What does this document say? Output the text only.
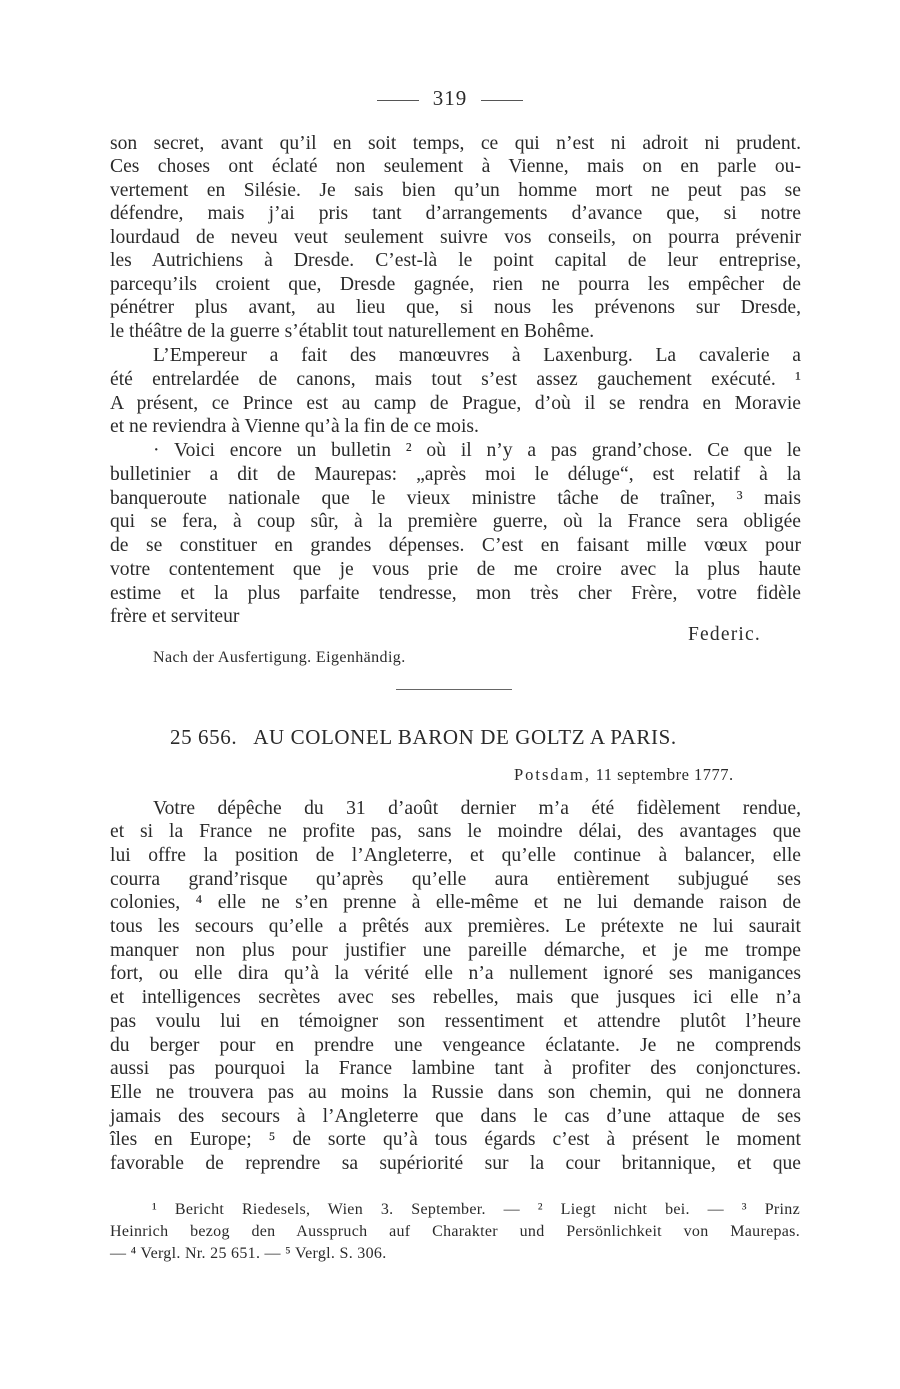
319
son secret, avant qu’il en soit temps, ce qui n’est ni adroit ni prudent.
Ces choses ont éclaté non seulement à Vienne, mais on en parle ou-
vertement en Silésie. Je sais bien qu’un homme mort ne peut pas se
défendre, mais j’ai pris tant d’arrangements d’avance que, si notre
lourdaud de neveu veut seulement suivre vos conseils, on pourra prévenir
les Autrichiens à Dresde. C’est-là le point capital de leur entreprise,
parcequ’ils croient que, Dresde gagnée, rien ne pourra les empêcher de
pénétrer plus avant, au lieu que, si nous les prévenons sur Dresde,
le théâtre de la guerre s’établit tout naturellement en Bohême.
L’Empereur a fait des manœuvres à Laxenburg. La cavalerie a
été entrelardée de canons, mais tout s’est assez gauchement exécuté. ¹
A présent, ce Prince est au camp de Prague, d’où il se rendra en Moravie
et ne reviendra à Vienne qu’à la fin de ce mois.
· Voici encore un bulletin ² où il n’y a pas grand’chose. Ce que le
bulletinier a dit de Maurepas: „après moi le déluge“, est relatif à la
banqueroute nationale que le vieux ministre tâche de traîner, ³ mais
qui se fera, à coup sûr, à la première guerre, où la France sera obligée
de se constituer en grandes dépenses. C’est en faisant mille vœux pour
votre contentement que je vous prie de me croire avec la plus haute
estime et la plus parfaite tendresse, mon très cher Frère, votre fidèle
frère et serviteur
Federic.
Nach der Ausfertigung. Eigenhändig.
25 656. AU COLONEL BARON DE GOLTZ A PARIS.
Potsdam, 11 septembre 1777.
Votre dépêche du 31 d’août dernier m’a été fidèlement rendue,
et si la France ne profite pas, sans le moindre délai, des avantages que
lui offre la position de l’Angleterre, et qu’elle continue à balancer, elle
courra grand’risque qu’après qu’elle aura entièrement subjugué ses
colonies, ⁴ elle ne s’en prenne à elle-même et ne lui demande raison de
tous les secours qu’elle a prêtés aux premières. Le prétexte ne lui saurait
manquer non plus pour justifier une pareille démarche, et je me trompe
fort, ou elle dira qu’à la vérité elle n’a nullement ignoré ses manigances
et intelligences secrètes avec ses rebelles, mais que jusques ici elle n’a
pas voulu lui en témoigner son ressentiment et attendre plutôt l’heure
du berger pour en prendre une vengeance éclatante. Je ne comprends
aussi pas pourquoi la France lambine tant à profiter des conjonctures.
Elle ne trouvera pas au moins la Russie dans son chemin, qui ne donnera
jamais des secours à l’Angleterre que dans le cas d’une attaque de ses
îles en Europe; ⁵ de sorte qu’à tous égards c’est à présent le moment
favorable de reprendre sa supériorité sur la cour britannique, et que
¹ Bericht Riedesels, Wien 3. September. — ² Liegt nicht bei. — ³ Prinz
Heinrich bezog den Ausspruch auf Charakter und Persönlichkeit von Maurepas.
— ⁴ Vergl. Nr. 25 651. — ⁵ Vergl. S. 306.
